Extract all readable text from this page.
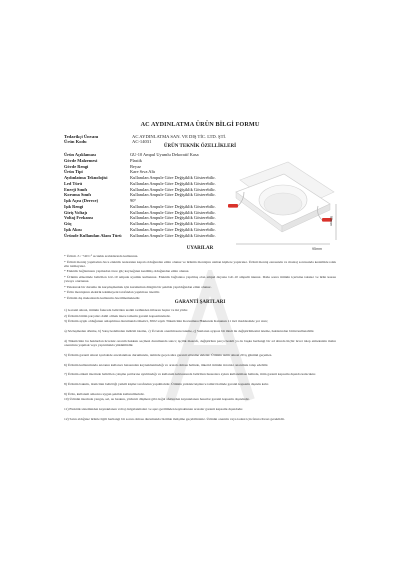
AC AYDINLATMA ÜRÜN BİLGİ FORMU
Tedarikçi Ünvanı	AC AYDINLATMA SAN. VE DIŞ TİC. LTD. ŞTİ.
Ürün Kodu	AC-14031
ÜRÜN TEKNİK ÖZELLİKLERİ
Ürün Açıklaması	GU-10 Ampul Uyumlu Dekoratif Kasa
Gövde Malzemesi	Plastik
Gövde Rengi	Beyaz
Ürün Tipi	Kare Sıva Altı
Aydınlatma Teknolojisi	Kullanılan Ampule Göre Değişiklik Gösterebilir.
Led Türü	Kullanılan Ampule Göre Değişiklik Gösterebilir.
Enerji Sınıfı	Kullanılan Ampule Göre Değişiklik Gösterebilir.
Koruma Sınıfı	Kullanılan Ampule Göre Değişiklik Gösterebilir.
Işık Açısı (Derece)	90°
Işık Rengi	Kullanılan Ampule Göre Değişiklik Gösterebilir.
Giriş Voltajı	Kullanılan Ampule Göre Değişiklik Gösterebilir.
Voltaj Frekansı	Kullanılan Ampule Göre Değişiklik Gösterebilir.
Güç	Kullanılan Ampule Göre Değişiklik Gösterebilir.
Işık Akısı	Kullanılan Ampule Göre Değişiklik Gösterebilir.
Üründe Kullanılan Akım Türü	Kullanılan Ampule Göre Değişiklik Gösterebilir.
95mm
95mm
UYARILAR
* Ürünü -5 / +40 C° sıcaklık aralıklarında kullanınız.
* Ürünü montaj yapmadan önce elektrik tesisatının kapalı olduğundan emin olunuz ve ürünün montajını uzman kişilere yaptırınız. Ürünü montaj esnasında ve montaj sonrasında kesinlikle ıslak elle tutmayınız.
* Elektrik bağlantısını yapmadan önce güç kaynağının kesilmiş olduğundan emin olunuz.
* Ürünün etiketinde belirtilen GU-10 ampule uyumlu kullanınız. Elektrik bağlantısı yapılmış olan ampul duyuna GU-10 ampulü takınız. Daha sonra ürünün içerisine takınız ve ürün kasası yuvaya oturtunuz.
* Yakalarak bir duruma ile karşılaşmamak için kurulumun düzgün bir şekilde yapıldığından emin olunuz.
* Ürün montajının elektrik tekniksyeni tarafından yapılması önerilir.
* Ürünün dış mekanlarda kullanımı önerilmemektedir.
GARANTİ ŞARTLARI
1) Garanti süresi, ürünün faturada belirtilen teslim tarihinden itibaren başlar ve iki yıldır.
2) Ürünün bütün parçaları dahil olmak üzere tamamı garanti kapsamındadır.
3) Ürünün ayıplı olduğunun anlaşılması durumunda tüketici, 6502 sayılı Tüketicinin Korunması Hakkında Kanunun 11 inci maddesinde yer alan;
a) Sözleşmeden dönme, b) Satış bedelinden indirim isteme, c) Ücretsiz onarılmasını isteme, ç) Satılanın ayıpsız bir misli ile değiştirilmesini isteme, haklarından birini kullanabilir.
4) Tüketicinin bu haklardan ücretsiz onarım hakkını seçmesi durumunda satıcı; işçilik masrafı, değiştirilen parça bedeli ya da başka herhangi bir ad altında hiçbir ücret talep etmeksizin malın onarımını yapmak veya yaptırmakla yükümlüdür.
5) Ürünün garanti süresi içerisinde arızalanması durumunda, tamirde geçen süre garanti süresine eklenir. Ürünün tamir süresi 20 iş gününü geçemez.
6) Ürünün kullanımında arızanın kullanıcı hatasından kaynaklanmadığı ve arızalı olması halinde, tüketici ürünün ücretsiz onarımını talep edebilir.
7) Ürünün etiketi üzerinde belirtilen çalışma şartlarına uyulmadığı ve kullanım kılavuzunda belirtilen hususlara aykırı kullanılması halinde, ürün garanti kapsamı dışında kalacaktır.
8) Ürünün bakımı, üreticinin belirttiği yetkili kişiler tarafından yapılmalıdır. Ürünün yetkisiz kişilerce tamiri halinde garanti kapsamı dışında kalır.
9) Ürün, kullanım amacına uygun şekilde kullanılmalıdır.
10) Ürünün üzerinde yangın, sel, su baskını, yıldırım düşmesi gibi doğal afetlerden kaynaklanan hasarlar garanti kapsamı dışındadır.
11) Elektrik sisteminden kaynaklanan voltaj dalgalanmaları ve aşırı gerilimden kaynaklanan arızalar garanti kapsamı dışındadır.
12) Satın aldığınız ürünle ilgili herhangi bir sorun olması durumunda bizimle iletişime geçebilirsiniz. Ürünün onarımı veya iadesi için fatura ibrazı gereklidir.
